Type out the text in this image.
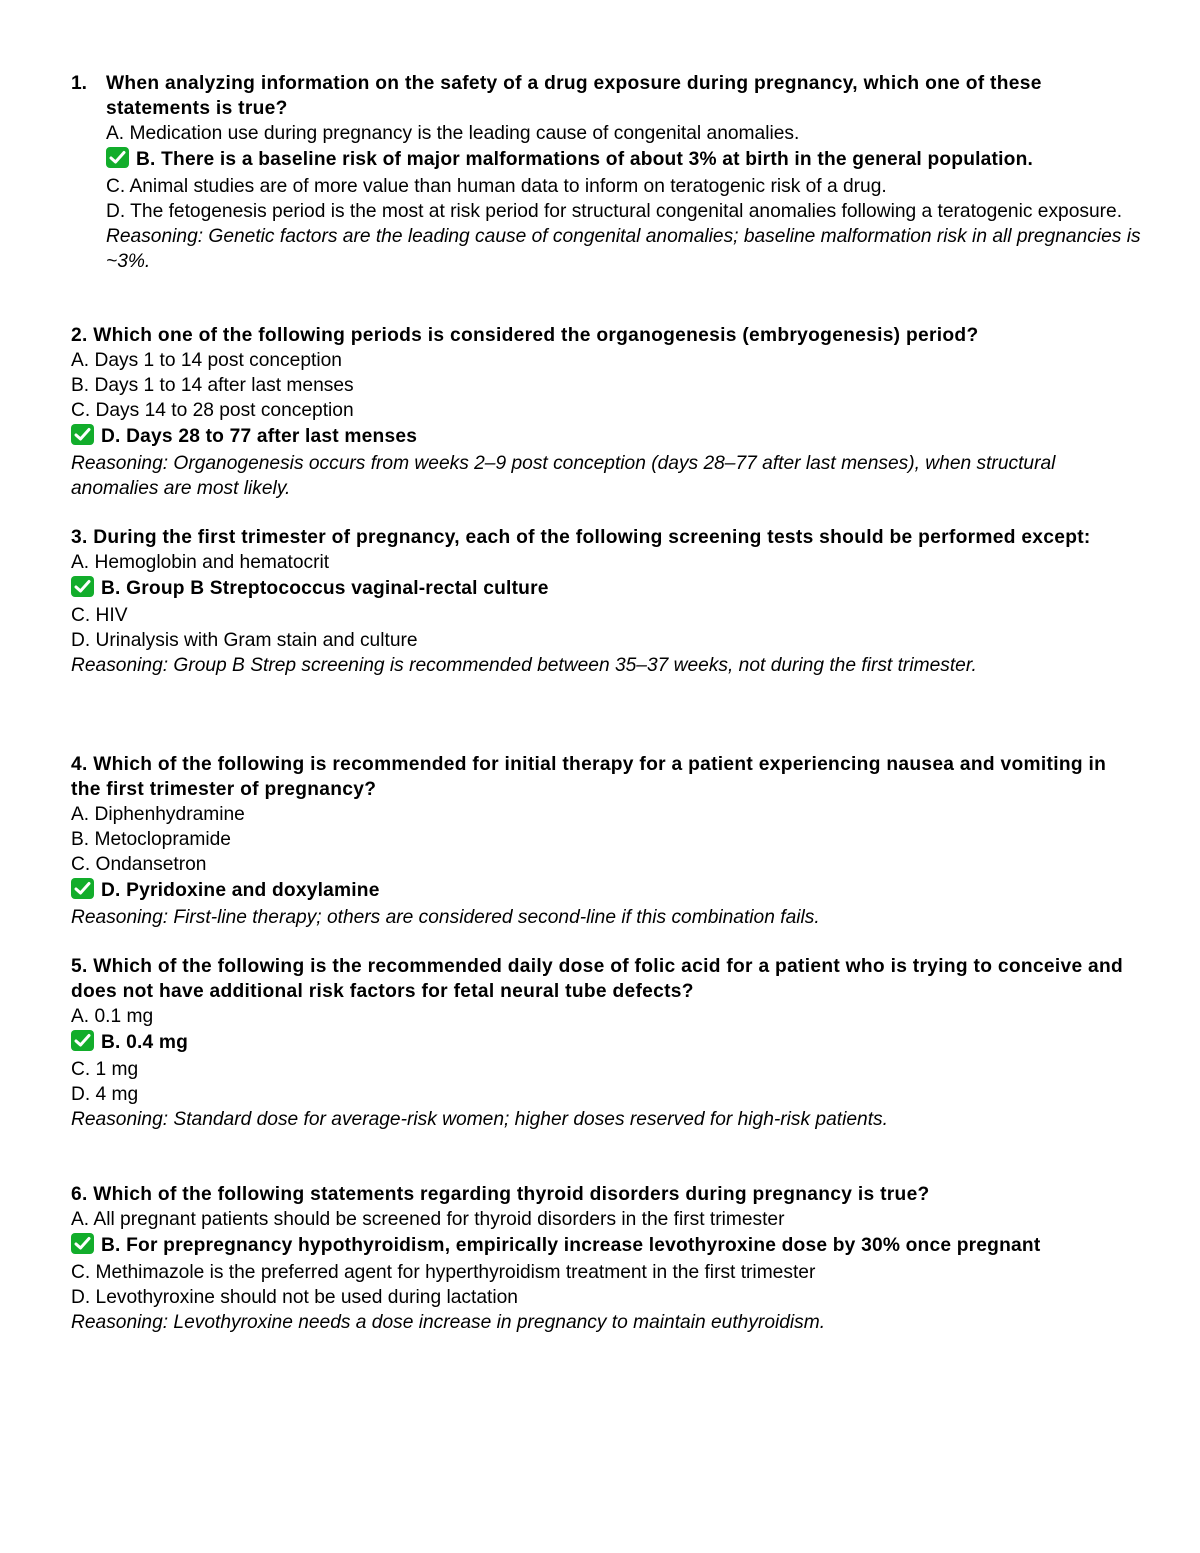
1. When analyzing information on the safety of a drug exposure during pregnancy, which one of these statements is true?
A. Medication use during pregnancy is the leading cause of congenital anomalies.
B. There is a baseline risk of major malformations of about 3% at birth in the general population.
C. Animal studies are of more value than human data to inform on teratogenic risk of a drug.
D. The fetogenesis period is the most at risk period for structural congenital anomalies following a teratogenic exposure.
Reasoning: Genetic factors are the leading cause of congenital anomalies; baseline malformation risk in all pregnancies is ~3%.
2. Which one of the following periods is considered the organogenesis (embryogenesis) period?
A. Days 1 to 14 post conception
B. Days 1 to 14 after last menses
C. Days 14 to 28 post conception
D. Days 28 to 77 after last menses
Reasoning: Organogenesis occurs from weeks 2–9 post conception (days 28–77 after last menses), when structural anomalies are most likely.
3. During the first trimester of pregnancy, each of the following screening tests should be performed except:
A. Hemoglobin and hematocrit
B. Group B Streptococcus vaginal-rectal culture
C. HIV
D. Urinalysis with Gram stain and culture
Reasoning: Group B Strep screening is recommended between 35–37 weeks, not during the first trimester.
4. Which of the following is recommended for initial therapy for a patient experiencing nausea and vomiting in the first trimester of pregnancy?
A. Diphenhydramine
B. Metoclopramide
C. Ondansetron
D. Pyridoxine and doxylamine
Reasoning: First-line therapy; others are considered second-line if this combination fails.
5. Which of the following is the recommended daily dose of folic acid for a patient who is trying to conceive and does not have additional risk factors for fetal neural tube defects?
A. 0.1 mg
B. 0.4 mg
C. 1 mg
D. 4 mg
Reasoning: Standard dose for average-risk women; higher doses reserved for high-risk patients.
6. Which of the following statements regarding thyroid disorders during pregnancy is true?
A. All pregnant patients should be screened for thyroid disorders in the first trimester
B. For prepregnancy hypothyroidism, empirically increase levothyroxine dose by 30% once pregnant
C. Methimazole is the preferred agent for hyperthyroidism treatment in the first trimester
D. Levothyroxine should not be used during lactation
Reasoning: Levothyroxine needs a dose increase in pregnancy to maintain euthyroidism.
